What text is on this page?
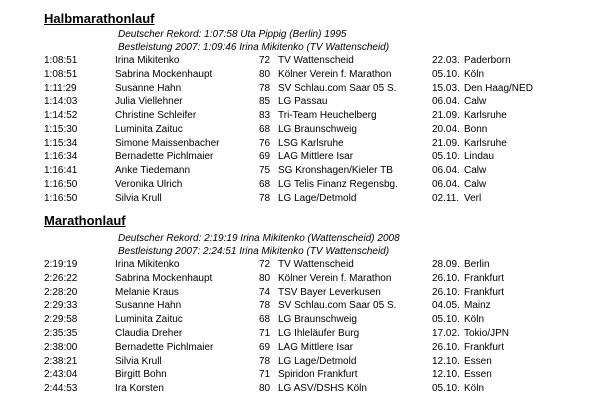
Halbmarathonlauf
Deutscher Rekord: 1:07:58 Uta Pippig (Berlin) 1995
Bestleistung 2007: 1:09:46 Irina Mikitenko (TV Wattenscheid)
1:08:51	Irina Mikitenko	72 TV Wattenscheid	22.03. Paderborn
1:08:51	Sabrina Mockenhaupt	80 Kölner Verein f. Marathon	05.10. Köln
1:11:29	Susanne Hahn	78 SV Schlau.com Saar 05 S.	15.03. Den Haag/NED
1:14:03	Julia Viellehner	85 LG Passau	06.04. Calw
1:14:52	Christine Schleifer	83 Tri-Team Heuchelberg	21.09. Karlsruhe
1:15:30	Luminita Zaituc	68 LG Braunschweig	20.04. Bonn
1:15:34	Simone Maissenbacher	76 LSG Karlsruhe	21.09. Karlsruhe
1:16:34	Bernadette Pichlmaier	69 LAG Mittlere Isar	05.10. Lindau
1:16:41	Anke Tiedemann	75 SG Kronshagen/Kieler TB	06.04. Calw
1:16:50	Veronika Ulrich	68 LG Telis Finanz Regensbg.	06.04. Calw
1:16:50	Silvia Krull	78 LG Lage/Detmold	02.11. Verl
Marathonlauf
Deutscher Rekord: 2:19:19 Irina Mikitenko (Wattenscheid) 2008
Bestleistung 2007: 2:24:51 Irina Mikitenko (TV Wattenscheid)
2:19:19	Irina Mikitenko	72 TV Wattenscheid	28.09. Berlin
2:26:22	Sabrina Mockenhaupt	80 Kölner Verein f. Marathon	26.10. Frankfurt
2:28:20	Melanie Kraus	74 TSV Bayer Leverkusen	26.10. Frankfurt
2:29:33	Susanne Hahn	78 SV Schlau.com Saar 05 S.	04.05. Mainz
2:29:58	Luminita Zaituc	68 LG Braunschweig	05.10. Köln
2:35:35	Claudia Dreher	71 LG Ihleläufer Burg	17.02. Tokio/JPN
2:38:00	Bernadette Pichlmaier	69 LAG Mittlere Isar	26.10. Frankfurt
2:38:21	Silvia Krull	78 LG Lage/Detmold	12.10. Essen
2:43:04	Birgitt Bohn	71 Spiridon Frankfurt	12.10. Essen
2:44:53	Ira Korsten	80 LG ASV/DSHS Köln	05.10. Köln
